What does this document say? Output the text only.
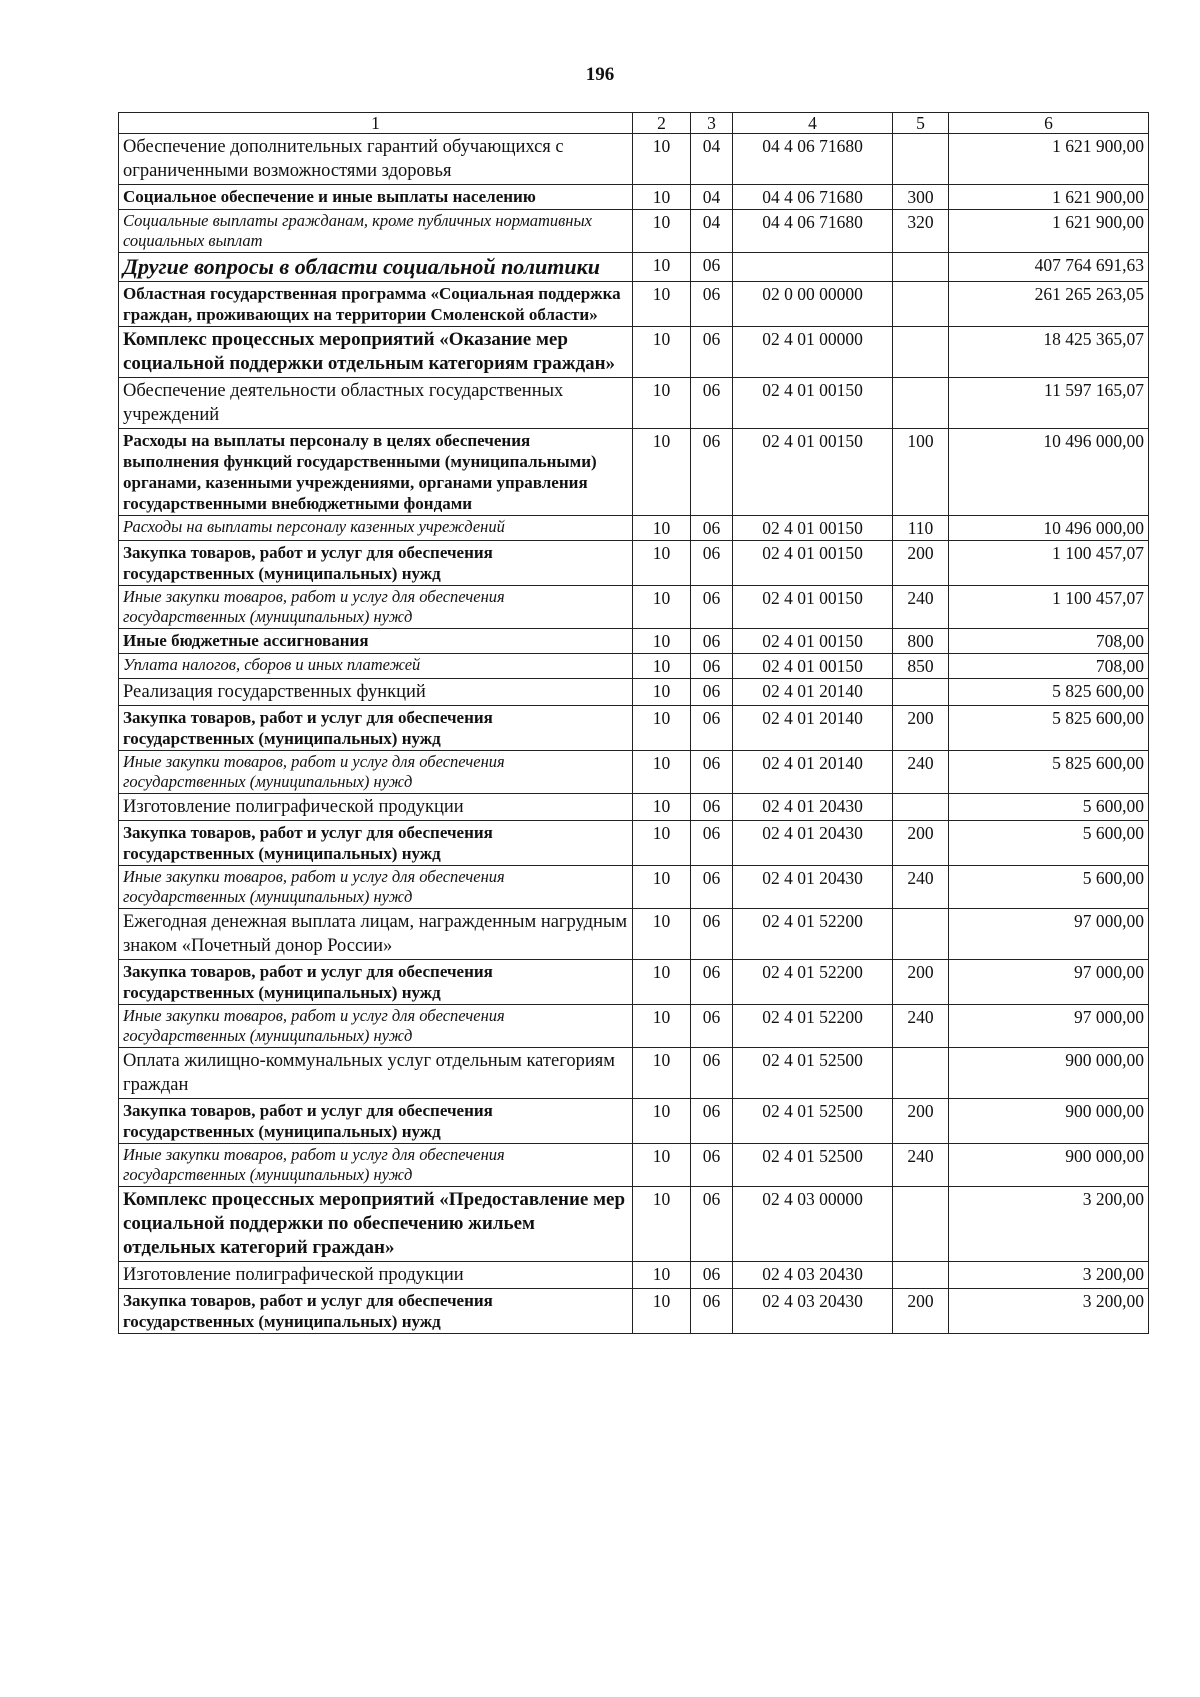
196
1	2	3	4	5	6
Обеспечение дополнительных гарантий обучающихся с ограниченными возможностями здоровья	10	04	04 4 06 71680		1 621 900,00
Социальное обеспечение и иные выплаты населению	10	04	04 4 06 71680	300	1 621 900,00
Социальные выплаты гражданам, кроме публичных нормативных социальных выплат	10	04	04 4 06 71680	320	1 621 900,00
Другие вопросы в области социальной политики	10	06			407 764 691,63
Областная государственная программа «Социальная поддержка граждан, проживающих на территории Смоленской области»	10	06	02 0 00 00000		261 265 263,05
Комплекс процессных мероприятий «Оказание мер социальной поддержки отдельным категориям граждан»	10	06	02 4 01 00000		18 425 365,07
Обеспечение деятельности областных государственных учреждений	10	06	02 4 01 00150		11 597 165,07
Расходы на выплаты персоналу в целях обеспечения выполнения функций государственными (муниципальными) органами, казенными учреждениями, органами управления государственными внебюджетными фондами	10	06	02 4 01 00150	100	10 496 000,00
Расходы на выплаты персоналу казенных учреждений	10	06	02 4 01 00150	110	10 496 000,00
Закупка товаров, работ и услуг для обеспечения государственных (муниципальных) нужд	10	06	02 4 01 00150	200	1 100 457,07
Иные закупки товаров, работ и услуг для обеспечения государственных (муниципальных) нужд	10	06	02 4 01 00150	240	1 100 457,07
Иные бюджетные ассигнования	10	06	02 4 01 00150	800	708,00
Уплата налогов, сборов и иных платежей	10	06	02 4 01 00150	850	708,00
Реализация государственных функций	10	06	02 4 01 20140		5 825 600,00
Закупка товаров, работ и услуг для обеспечения государственных (муниципальных) нужд	10	06	02 4 01 20140	200	5 825 600,00
Иные закупки товаров, работ и услуг для обеспечения государственных (муниципальных) нужд	10	06	02 4 01 20140	240	5 825 600,00
Изготовление полиграфической продукции	10	06	02 4 01 20430		5 600,00
Закупка товаров, работ и услуг для обеспечения государственных (муниципальных) нужд	10	06	02 4 01 20430	200	5 600,00
Иные закупки товаров, работ и услуг для обеспечения государственных (муниципальных) нужд	10	06	02 4 01 20430	240	5 600,00
Ежегодная денежная выплата лицам, награжденным нагрудным знаком «Почетный донор России»	10	06	02 4 01 52200		97 000,00
Закупка товаров, работ и услуг для обеспечения государственных (муниципальных) нужд	10	06	02 4 01 52200	200	97 000,00
Иные закупки товаров, работ и услуг для обеспечения государственных (муниципальных) нужд	10	06	02 4 01 52200	240	97 000,00
Оплата жилищно-коммунальных услуг отдельным категориям граждан	10	06	02 4 01 52500		900 000,00
Закупка товаров, работ и услуг для обеспечения государственных (муниципальных) нужд	10	06	02 4 01 52500	200	900 000,00
Иные закупки товаров, работ и услуг для обеспечения государственных (муниципальных) нужд	10	06	02 4 01 52500	240	900 000,00
Комплекс процессных мероприятий «Предоставление мер социальной поддержки по обеспечению жильем отдельных категорий граждан»	10	06	02 4 03 00000		3 200,00
Изготовление полиграфической продукции	10	06	02 4 03 20430		3 200,00
Закупка товаров, работ и услуг для обеспечения государственных (муниципальных) нужд	10	06	02 4 03 20430	200	3 200,00
